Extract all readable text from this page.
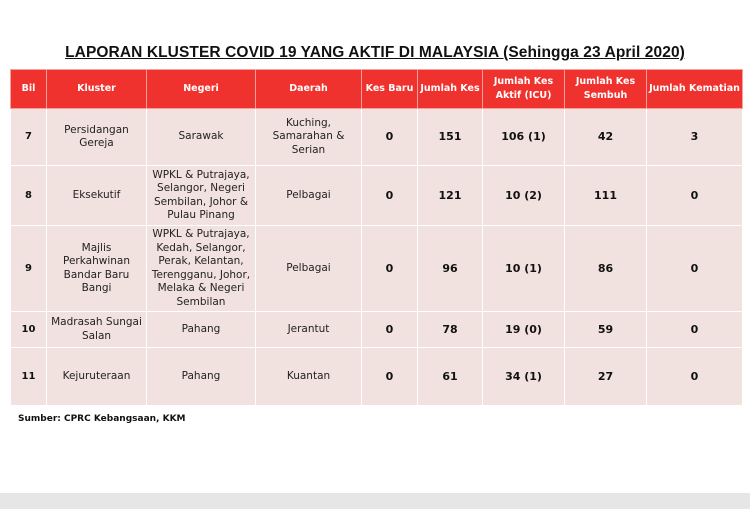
LAPORAN KLUSTER COVID 19 YANG AKTIF DI MALAYSIA (Sehingga 23 April 2020)
Bil	Kluster	Negeri	Daerah	Kes Baru	Jumlah Kes	Jumlah Kes Aktif (ICU)	Jumlah Kes Sembuh	Jumlah Kematian
7	Persidangan Gereja	Sarawak	Kuching, Samarahan & Serian	0	151	106 (1)	42	3
8	Eksekutif	WPKL & Putrajaya, Selangor, Negeri Sembilan, Johor & Pulau Pinang	Pelbagai	0	121	10 (2)	111	0
9	Majlis Perkahwinan Bandar Baru Bangi	WPKL & Putrajaya, Kedah, Selangor, Perak, Kelantan, Terengganu, Johor, Melaka & Negeri Sembilan	Pelbagai	0	96	10 (1)	86	0
10	Madrasah Sungai Salan	Pahang	Jerantut	0	78	19 (0)	59	0
11	Kejuruteraan	Pahang	Kuantan	0	61	34 (1)	27	0
Sumber: CPRC Kebangsaan, KKM
